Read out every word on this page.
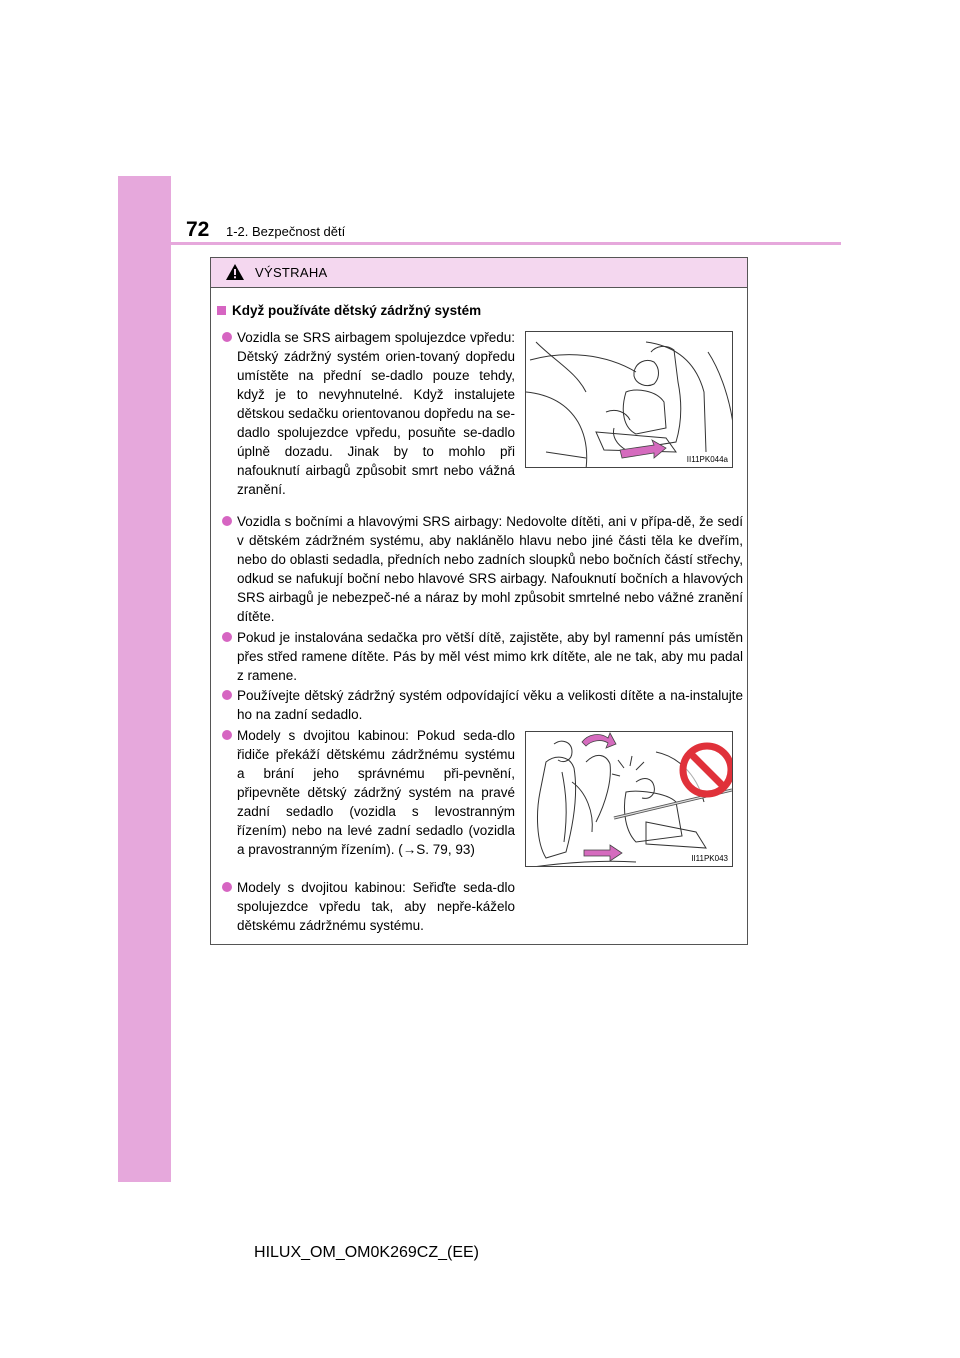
72 1-2. Bezpečnost dětí
VÝSTRAHA
Když používáte dětský zádržný systém
Vozidla se SRS airbagem spolujezdce vpředu: Dětský zádržný systém orien-tovaný dopředu umístěte na přední se-dadlo pouze tehdy, když je to nevyhnutelné. Když instalujete dětskou sedačku orientovanou dopředu na se-dadlo spolujezdce vpředu, posuňte se-dadlo úplně dozadu. Jinak by to mohlo při nafouknutí airbagů způsobit smrt nebo vážná zranění.
II11PK044a
Vozidla s bočními a hlavovými SRS airbagy: Nedovolte dítěti, ani v přípa-dě, že sedí v dětském zádržném systému, aby naklánělo hlavu nebo jiné části těla ke dveřím, nebo do oblasti sedadla, předních nebo zadních sloupků nebo bočních částí střechy, odkud se nafukují boční nebo hlavové SRS airbagy. Nafouknutí bočních a hlavových SRS airbagů je nebezpeč-né a náraz by mohl způsobit smrtelné nebo vážné zranění dítěte.
Pokud je instalována sedačka pro větší dítě, zajistěte, aby byl ramenní pás umístěn přes střed ramene dítěte. Pás by měl vést mimo krk dítěte, ale ne tak, aby mu padal z ramene.
Používejte dětský zádržný systém odpovídající věku a velikosti dítěte a na-instalujte ho na zadní sedadlo.
Modely s dvojitou kabinou: Pokud seda-dlo řidiče překáží dětskému zádržnému systému a brání jeho správnému při-pevnění, připevněte dětský zádržný systém na pravé zadní sedadlo (vozidla s levostranným řízením) nebo na levé zadní sedadlo (vozidla a pravostranným řízením). (→S. 79, 93)
II11PK043
Modely s dvojitou kabinou: Seřiďte seda-dlo spolujezdce vpředu tak, aby nepře-káželo dětskému zádržnému systému.
HILUX_OM_OM0K269CZ_(EE)
